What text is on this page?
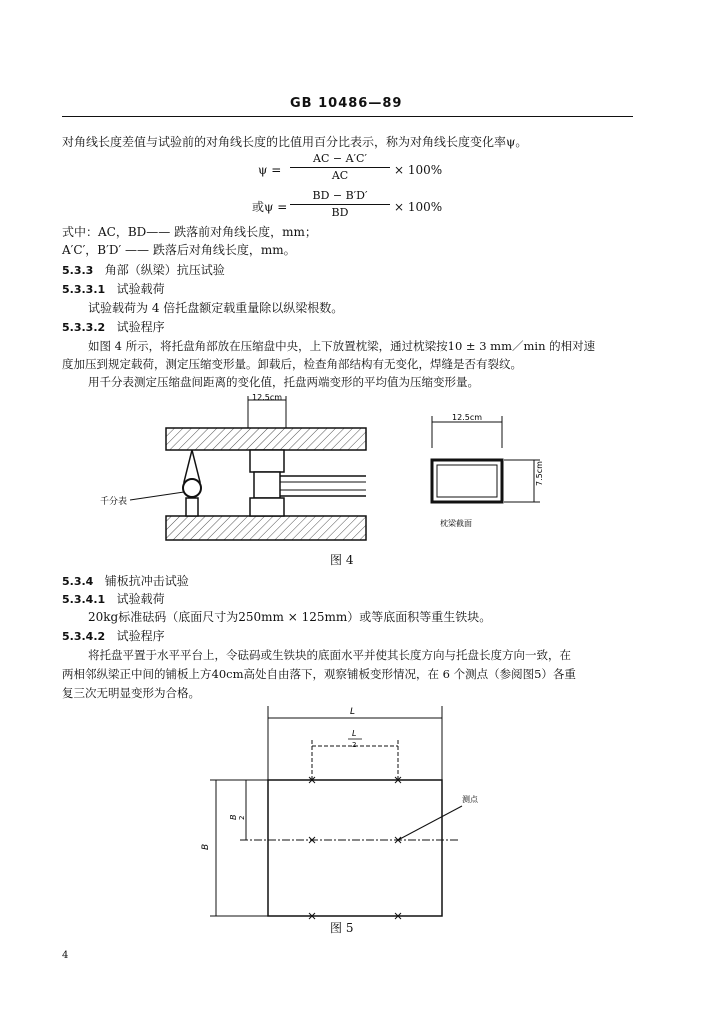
GB 10486—89
对角线长度差值与试验前的对角线长度的比值用百分比表示，称为对角线长度变化率ψ。
ψ =
AC − A′C′
AC	× 100%
或ψ =
BD − B′D′
BD	× 100%
式中：AC，BD—— 跌落前对角线长度，mm；
A′C′，B′D′ —— 跌落后对角线长度，mm。
5.3.3 角部（纵梁）抗压试验
5.3.3.1 试验载荷
试验载荷为 4 倍托盘额定载重量除以纵梁根数。
5.3.3.2 试验程序
如图 4 所示，将托盘角部放在压缩盘中央，上下放置枕梁，通过枕梁按10 ± 3 mm／min 的相对速
度加压到规定载荷，测定压缩变形量。卸载后，检查角部结构有无变化，焊缝是否有裂纹。
用千分表测定压缩盘间距离的变化值，托盘两端变形的平均值为压缩变形量。
12.5cm
千分表
12.5cm
7.5cm
枕梁截面
图 4
5.3.4 铺板抗冲击试验
5.3.4.1 试验载荷
20kg标准砝码（底面尺寸为250mm × 125mm）或等底面积等重生铁块。
5.3.4.2 试验程序
将托盘平置于水平平台上，令砝码或生铁块的底面水平并使其长度方向与托盘长度方向一致，在
两相邻纵梁正中间的铺板上方40cm高处自由落下，观察铺板变形情况，在 6 个测点（参阅图5）各重
复三次无明显变形为合格。
L
L
2
B
B 2
测点
图 5
4
